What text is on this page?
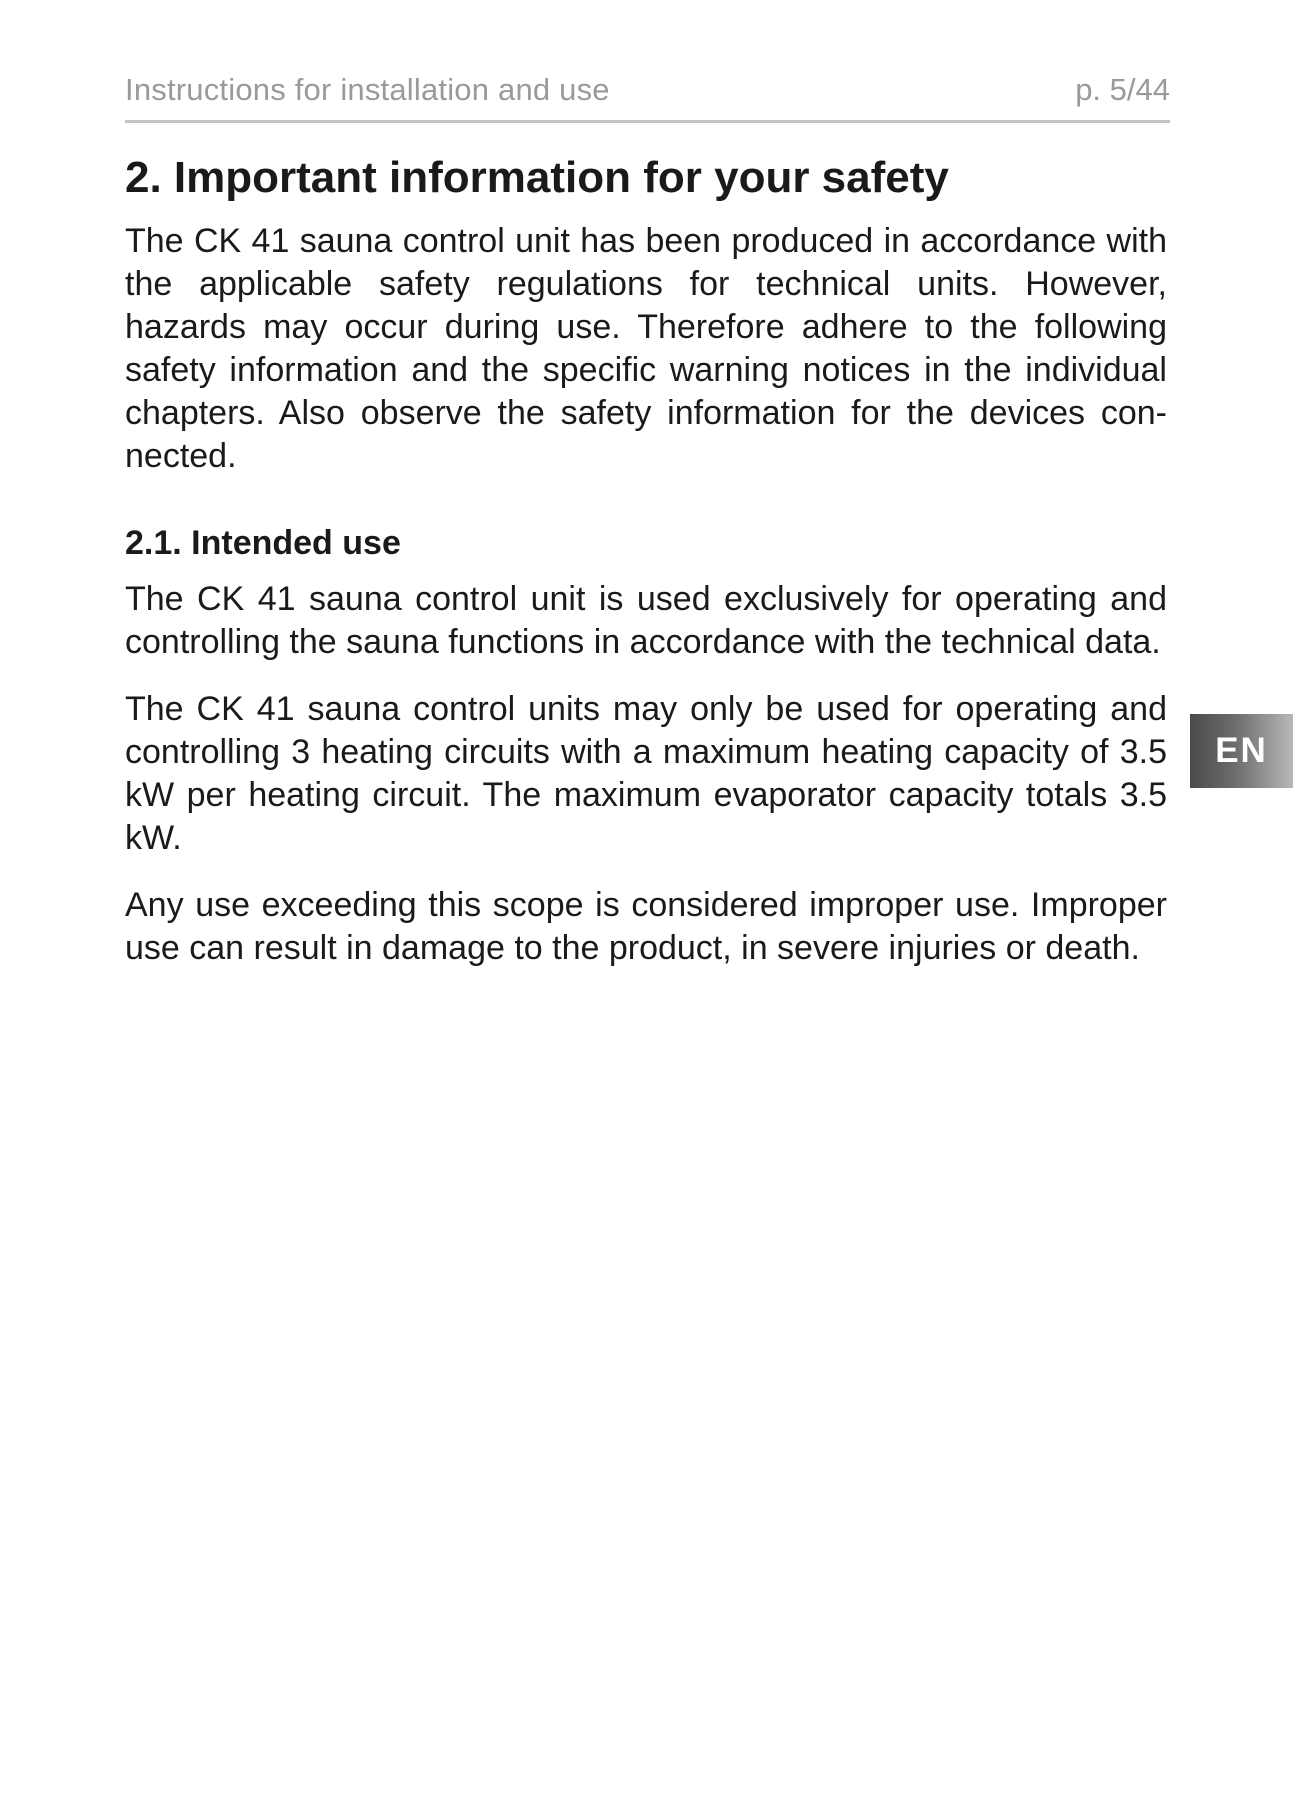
Instructions for installation and use	p. 5/44
2. Important information for your safety

The CK 41 sauna control unit has been produced in accordance with the applicable safety regulations for technical units. However, hazards may occur during use. Therefore adhere to the following safety information and the specific warning notices in the individual chapters. Also observe the safety information for the devices con-nected.

2.1. Intended use

The CK 41 sauna control unit is used exclusively for operating and controlling the sauna functions in accordance with the technical data.

The CK 41 sauna control units may only be used for operating and controlling 3 heating circuits with a maximum heating capacity of 3.5 kW per heating circuit. The maximum evaporator capacity totals 3.5 kW.

Any use exceeding this scope is considered improper use. Improper use can result in damage to the product, in severe injuries or death.

EN
